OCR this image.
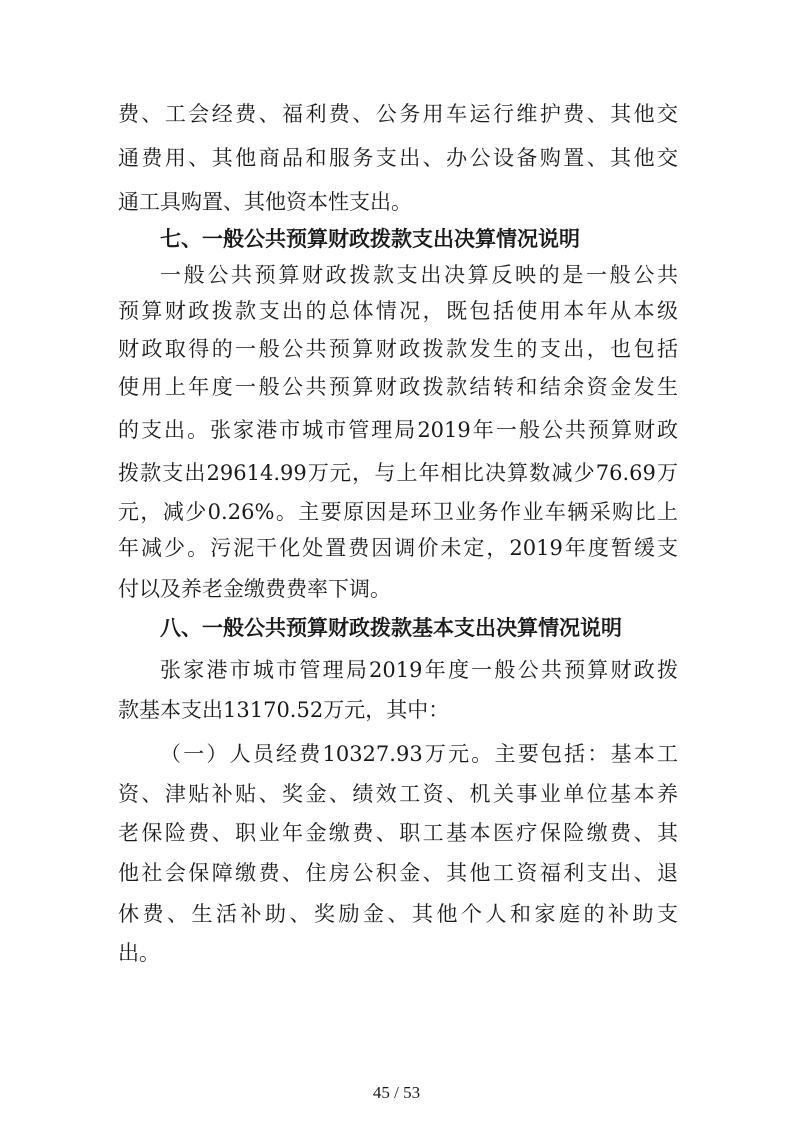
费、工会经费、福利费、公务用车运行维护费、其他交
通费用、其他商品和服务支出、办公设备购置、其他交
通工具购置、其他资本性支出。
七、一般公共预算财政拨款支出决算情况说明
一般公共预算财政拨款支出决算反映的是一般公共
预算财政拨款支出的总体情况，既包括使用本年从本级
财政取得的一般公共预算财政拨款发生的支出，也包括
使用上年度一般公共预算财政拨款结转和结余资金发生
的支出。张家港市城市管理局2019年一般公共预算财政
拨款支出29614.99万元，与上年相比决算数减少76.69万
元，减少0.26%。主要原因是环卫业务作业车辆采购比上
年减少。污泥干化处置费因调价未定，2019年度暂缓支
付以及养老金缴费费率下调。
八、一般公共预算财政拨款基本支出决算情况说明
张家港市城市管理局2019年度一般公共预算财政拨
款基本支出13170.52万元，其中：
（一）人员经费10327.93万元。主要包括：基本工
资、津贴补贴、奖金、绩效工资、机关事业单位基本养
老保险费、职业年金缴费、职工基本医疗保险缴费、其
他社会保障缴费、住房公积金、其他工资福利支出、退
休费、生活补助、奖励金、其他个人和家庭的补助支
出。
45 / 53
